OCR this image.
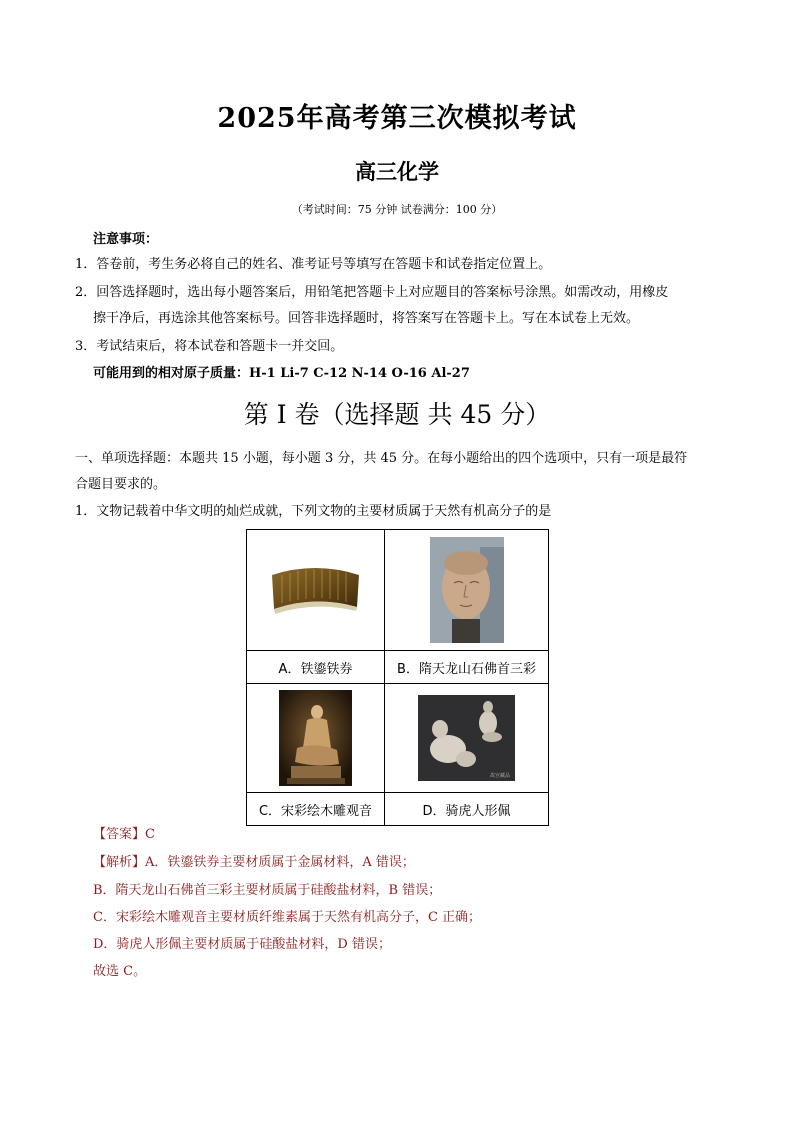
2025年高考第三次模拟考试
高三化学
（考试时间：75 分钟 试卷满分：100 分）
注意事项：
1．答卷前，考生务必将自己的姓名、准考证号等填写在答题卡和试卷指定位置上。
2．回答选择题时，选出每小题答案后，用铅笔把答题卡上对应题目的答案标号涂黑。如需改动，用橡皮
擦干净后，再选涂其他答案标号。回答非选择题时，将答案写在答题卡上。写在本试卷上无效。
3．考试结束后，将本试卷和答题卡一并交回。
可能用到的相对原子质量：H-1 Li-7 C-12 N-14 O-16 Al-27
第 I 卷（选择题 共 45 分）
一、单项选择题：本题共 15 小题，每小题 3 分，共 45 分。在每小题给出的四个选项中，只有一项是最符
合题目要求的。
1．文物记载着中华文明的灿烂成就，下列文物的主要材质属于天然有机高分子的是

A．铁鎏铁券	B．隋天龙山石佛首三彩

故宫藏品

C．宋彩绘木雕观音	D．骑虎人形佩
【答案】C
【解析】A．铁鎏铁券主要材质属于金属材料，A 错误；
B．隋天龙山石佛首三彩主要材质属于硅酸盐材料，B 错误；
C．宋彩绘木雕观音主要材质纤维素属于天然有机高分子，C 正确；
D．骑虎人形佩主要材质属于硅酸盐材料，D 错误；
故选 C。
